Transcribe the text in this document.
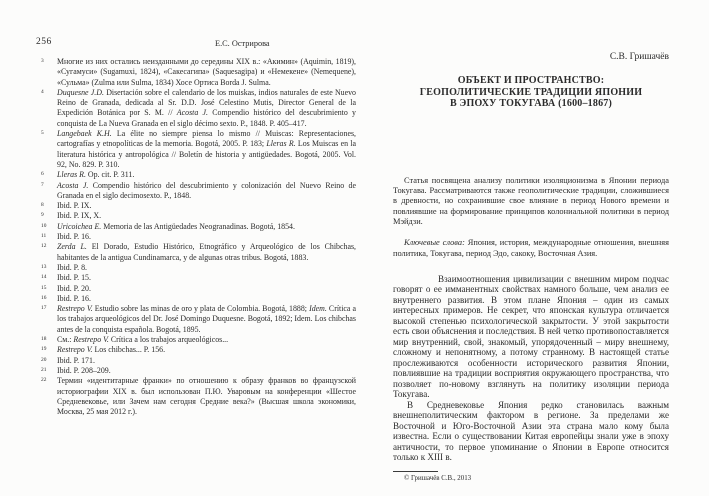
256	Е.С. Острирова
3 Многие из них остались неизданными до середины XIX в.: «Акимин» (Aquimin, 1819), «Сугамуси» (Sugamuxi, 1824), «Сакесагипа» (Saquesagipa) и «Немекене» (Nemequene), «Сульма» (Zulma или Sulma, 1834) Хосе Ортиса Borda J. Sulma.
4 Duquesne J.D. Disertación sobre el calendario de los muiskas, indios naturales de este Nuevo Reino de Granada, dedicada al Sr. D.D. José Celestino Mutis, Director General de la Expedición Botánica por S. M. // Acosta J. Compendio histórico del descubrimiento y conquista de La Nueva Granada en el siglo décimo sexto. P., 1848. P. 405–417.
5 Langebaek K.H. La élite no siempre piensa lo mismo // Muiscas: Representaciones, cartografías y etnopolíticas de la memoria. Bogotá, 2005. P. 183; Lleras R. Los Muiscas en la literatura histórica y antropológica // Boletín de historia y antigüedades. Bogotá, 2005. Vol. 92, No. 829. P. 310.
6 Lleras R. Op. cit. P. 311.
7 Acosta J. Compendio histórico del descubrimiento y colonización del Nuevo Reino de Granada en el siglo decimosexto. P., 1848.
8 Ibid. P. IX.
9 Ibid. P. IX, X.
10 Uricoichea E. Memoria de las Antigüedades Neogranadinas. Bogotá, 1854.
11 Ibid. P. 16.
12 Zerda L. El Dorado, Estudio Histórico, Etnográfico y Arqueológico de los Chibchas, habitantes de la antigua Cundinamarca, y de algunas otras tribus. Bogotá, 1883.
13 Ibid. P. 8.
14 Ibid. P. 15.
15 Ibid. P. 20.
16 Ibid. P. 16.
17 Restrepo V. Estudio sobre las minas de oro y plata de Colombia. Bogotá, 1888; Idem. Crítica a los trabajos arqueológicos del Dr. José Domingo Duquesne. Bogotá, 1892; Idem. Los chibchas antes de la conquista española. Bogotá, 1895.
18 См.: Restrepo V. Crítica a los trabajos arqueológicos...
19 Restrepo V. Los chibchas... P. 156.
20 Ibid. P. 171.
21 Ibid. P. 208–209.
22 Термин «идентитарные франки» по отношению к образу франков во французской историографии XIX в. был использован П.Ю. Уваровым на конференции «Шестое Средневековье, или Зачем нам сегодня Средние века?» (Высшая школа экономики, Москва, 25 мая 2012 г.).
С.В. Гришачёв
ОБЪЕКТ И ПРОСТРАНСТВО:
ГЕОПОЛИТИЧЕСКИЕ ТРАДИЦИИ ЯПОНИИ
В ЭПОХУ ТОКУГАВА (1600–1867)

Статья посвящена анализу политики изоляционизма в Японии периода Токугава. Рассматриваются также геополитические традиции, сложившиеся в древности, но сохранившие свое влияние в период Нового времени и повлиявшие на формирование принципов колониальной политики в период Мэйдзи.

Ключевые слова: Япония, история, международные отношения, внешняя политика, Токугава, период Эдо, сакоку, Восточная Азия.

Взаимоотношения цивилизации с внешним миром подчас говорят о ее имманентных свойствах намного больше, чем анализ ее внутреннего развития. В этом плане Япония – один из самых интересных примеров. Не секрет, что японская культура отличается высокой степенью психологической закрытости. У этой закрытости есть свои объяснения и последствия. В ней четко противопоставляется мир внутренний, свой, знакомый, упорядоченный – миру внешнему, сложному и непонятному, а потому странному. В настоящей статье прослеживаются особенности исторического развития Японии, повлиявшие на традиции восприятия окружающего пространства, что позволяет по-новому взглянуть на политику изоляции периода Токугава.

В Средневековье Япония редко становилась важным внешнеполитическим фактором в регионе. За пределами же Восточной и Юго-Восточной Азии эта страна мало кому была известна. Если о существовании Китая европейцы знали уже в эпоху античности, то первое упоминание о Японии в Европе относится только к XIII в.

© Гришачёв С.В., 2013
